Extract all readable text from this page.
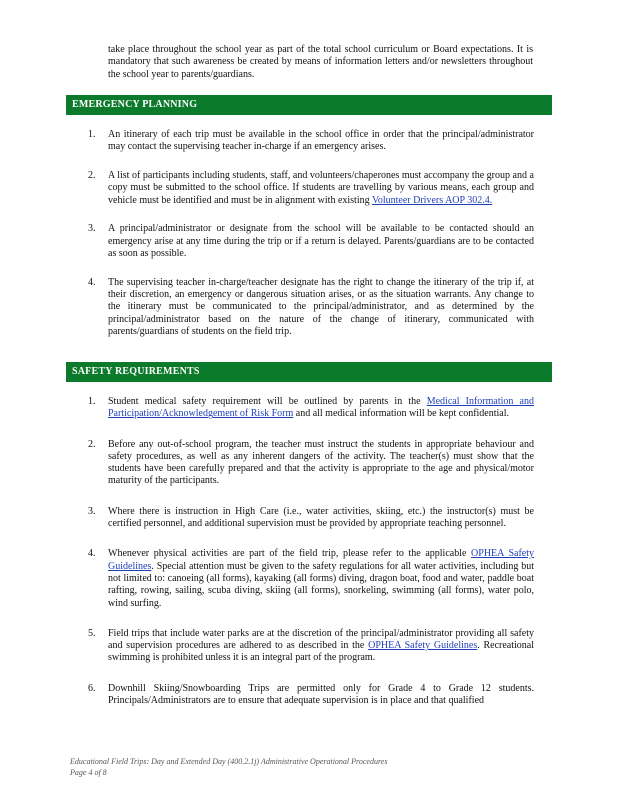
take place throughout the school year as part of the total school curriculum or Board expectations. It is mandatory that such awareness be created by means of information letters and/or newsletters throughout the school year to parents/guardians.
EMERGENCY PLANNING
1.	An itinerary of each trip must be available in the school office in order that the principal/administrator may contact the supervising teacher in-charge if an emergency arises.
2.	A list of participants including students, staff, and volunteers/chaperones must accompany the group and a copy must be submitted to the school office. If students are travelling by various means, each group and vehicle must be identified and must be in alignment with existing Volunteer Drivers AOP 302.4.
3.	A principal/administrator or designate from the school will be available to be contacted should an emergency arise at any time during the trip or if a return is delayed. Parents/guardians are to be contacted as soon as possible.
4.	The supervising teacher in-charge/teacher designate has the right to change the itinerary of the trip if, at their discretion, an emergency or dangerous situation arises, or as the situation warrants. Any change to the itinerary must be communicated to the principal/administrator, and as determined by the principal/administrator based on the nature of the change of itinerary, communicated with parents/guardians of students on the field trip.
SAFETY REQUIREMENTS
1.	Student medical safety requirement will be outlined by parents in the Medical Information and Participation/Acknowledgement of Risk Form and all medical information will be kept confidential.
2.	Before any out-of-school program, the teacher must instruct the students in appropriate behaviour and safety procedures, as well as any inherent dangers of the activity. The teacher(s) must show that the students have been carefully prepared and that the activity is appropriate to the age and physical/motor maturity of the participants.
3.	Where there is instruction in High Care (i.e., water activities, skiing, etc.) the instructor(s) must be certified personnel, and additional supervision must be provided by appropriate teaching personnel.
4.	Whenever physical activities are part of the field trip, please refer to the applicable OPHEA Safety Guidelines. Special attention must be given to the safety regulations for all water activities, including but not limited to: canoeing (all forms), kayaking (all forms) diving, dragon boat, food and water, paddle boat rafting, rowing, sailing, scuba diving, skiing (all forms), snorkeling, swimming (all forms), water polo, wind surfing.
5.	Field trips that include water parks are at the discretion of the principal/administrator providing all safety and supervision procedures are adhered to as described in the OPHEA Safety Guidelines. Recreational swimming is prohibited unless it is an integral part of the program.
6.	Downhill Skiing/Snowboarding Trips are permitted only for Grade 4 to Grade 12 students. Principals/Administrators are to ensure that adequate supervision is in place and that qualified
Educational Field Trips: Day and Extended Day (400.2.1j) Administrative Operational Procedures
Page 4 of 8
